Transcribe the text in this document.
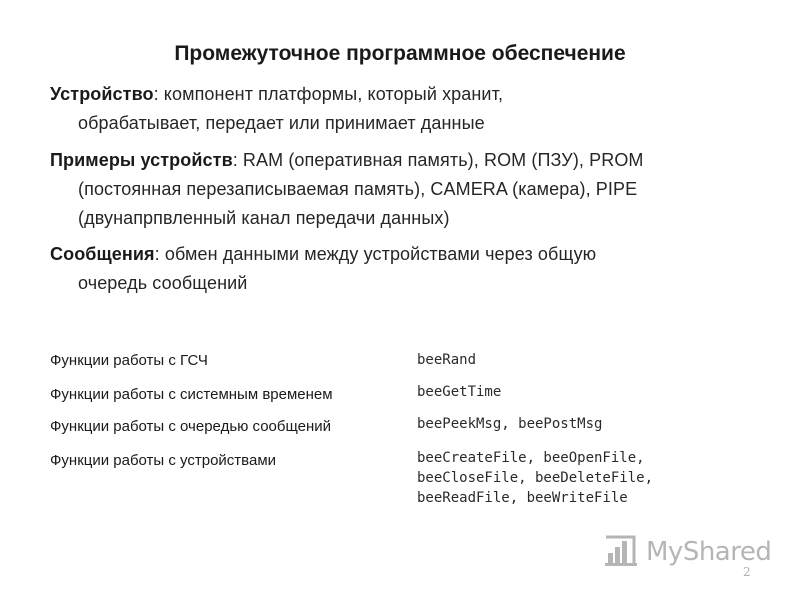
Промежуточное программное обеспечение
Устройство: компонент платформы, который хранит,
обрабатывает, передает или принимает данные
Примеры устройств: RAM (оперативная память), ROM (ПЗУ), PROM
(постоянная перезаписываемая память), CAMERA (камера), PIPE
(двунапрпвленный канал передачи данных)
Сообщения: обмен данными между устройствами через общую
очередь сообщений
Функции работы с ГСЧ	beeRand
Функции работы с системным временем	beeGetTime
Функции работы с очередью сообщений	beePeekMsg, beePostMsg
Функции работы с устройствами	beeCreateFile, beeOpenFile,
beeCloseFile, beeDeleteFile,
beeReadFile, beeWriteFile
MyShared
2
